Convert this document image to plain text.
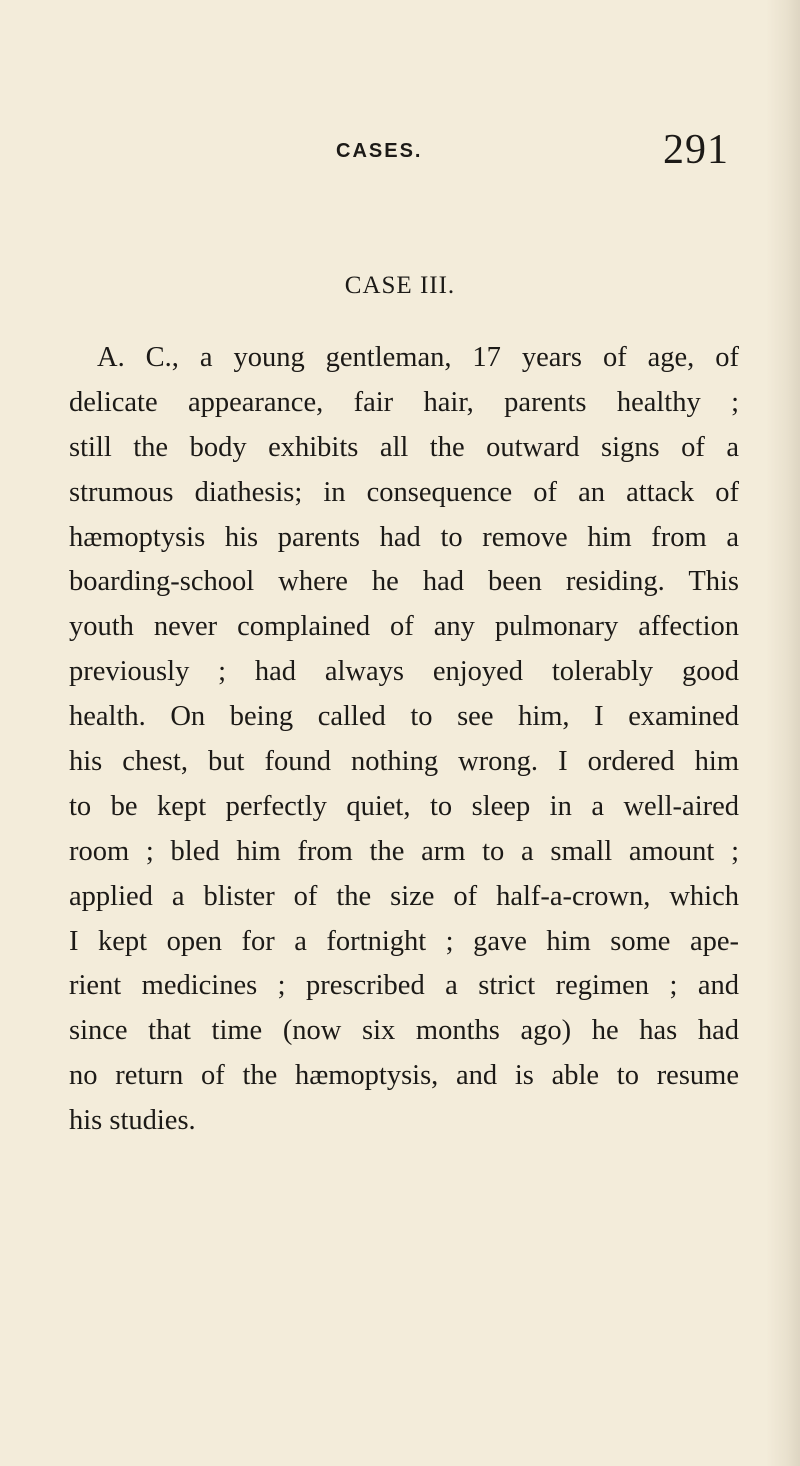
CASES.	291
CASE III.
A. C., a young gentleman, 17 years of age, of
delicate appearance, fair hair, parents healthy ;
still the body exhibits all the outward signs of a
strumous diathesis; in consequence of an attack of
hæmoptysis his parents had to remove him from a
boarding-school where he had been residing. This
youth never complained of any pulmonary affection
previously ; had always enjoyed tolerably good
health. On being called to see him, I examined
his chest, but found nothing wrong. I ordered him
to be kept perfectly quiet, to sleep in a well-aired
room ; bled him from the arm to a small amount ;
applied a blister of the size of half-a-crown, which
I kept open for a fortnight ; gave him some ape-
rient medicines ; prescribed a strict regimen ; and
since that time (now six months ago) he has had
no return of the hæmoptysis, and is able to resume
his studies.
